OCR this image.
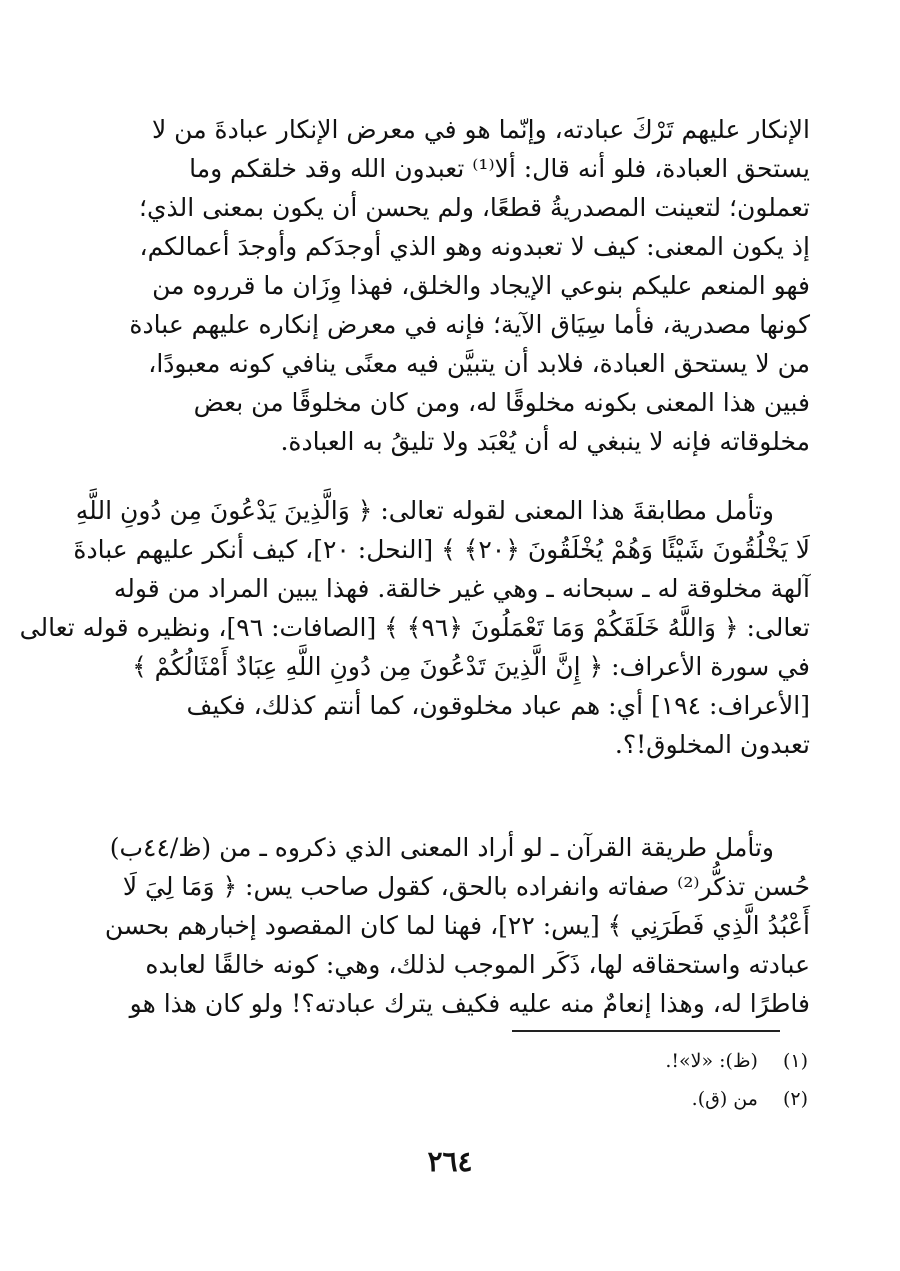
الإنكار عليهم تَرْكَ عبادته، وإنّما هو في معرض الإنكار عبادةَ من لا
يستحق العبادة، فلو أنه قال: ألا⁽¹⁾ تعبدون الله وقد خلقكم وما
تعملون؛ لتعينت المصدريةُ قطعًا، ولم يحسن أن يكون بمعنى الذي؛
إذ يكون المعنى: كيف لا تعبدونه وهو الذي أوجدَكم وأوجدَ أعمالكم،
فهو المنعم عليكم بنوعي الإيجاد والخلق، فهذا وِزَان ما قرروه من
كونها مصدرية، فأما سِيَاق الآية؛ فإنه في معرض إنكاره عليهم عبادة
من لا يستحق العبادة، فلابد أن يتبيَّن فيه معنًى ينافي كونه معبودًا،
فبين هذا المعنى بكونه مخلوقًا له، ومن كان مخلوقًا من بعض
مخلوقاته فإنه لا ينبغي له أن يُعْبَد ولا تليقُ به العبادة.
وتأمل مطابقةَ هذا المعنى لقوله تعالى: ﴿ وَالَّذِينَ يَدْعُونَ مِن دُونِ اللَّهِ
لَا يَخْلُقُونَ شَيْئًا وَهُمْ يُخْلَقُونَ ﴿٢٠﴾ ﴾ [النحل: ٢٠]، كيف أنكر عليهم عبادةَ
آلهة مخلوقة له ـ سبحانه ـ وهي غير خالقة. فهذا يبين المراد من قوله
تعالى: ﴿ وَاللَّهُ خَلَقَكُمْ وَمَا تَعْمَلُونَ ﴿٩٦﴾ ﴾ [الصافات: ٩٦]، ونظيره قوله تعالى
في سورة الأعراف: ﴿ إِنَّ الَّذِينَ تَدْعُونَ مِن دُونِ اللَّهِ عِبَادٌ أَمْثَالُكُمْ ﴾
[الأعراف: ١٩٤] أي: هم عباد مخلوقون، كما أنتم كذلك، فكيف
تعبدون المخلوق!؟.
وتأمل طريقة القرآن ـ لو أراد المعنى الذي ذكروه ـ من (ظ/٤٤ب)
حُسن تذكُّر⁽²⁾ صفاته وانفراده بالحق، كقول صاحب يس: ﴿ وَمَا لِيَ لَا
أَعْبُدُ الَّذِي فَطَرَنِي ﴾ [يس: ٢٢]، فهنا لما كان المقصود إخبارهم بحسن
عبادته واستحقاقه لها، ذَكَر الموجب لذلك، وهي: كونه خالقًا لعابده
فاطرًا له، وهذا إنعامٌ منه عليه فكيف يترك عبادته؟! ولو كان هذا هو
(١) (ظ): «لا»!.
(٢) من (ق).
٢٦٤
